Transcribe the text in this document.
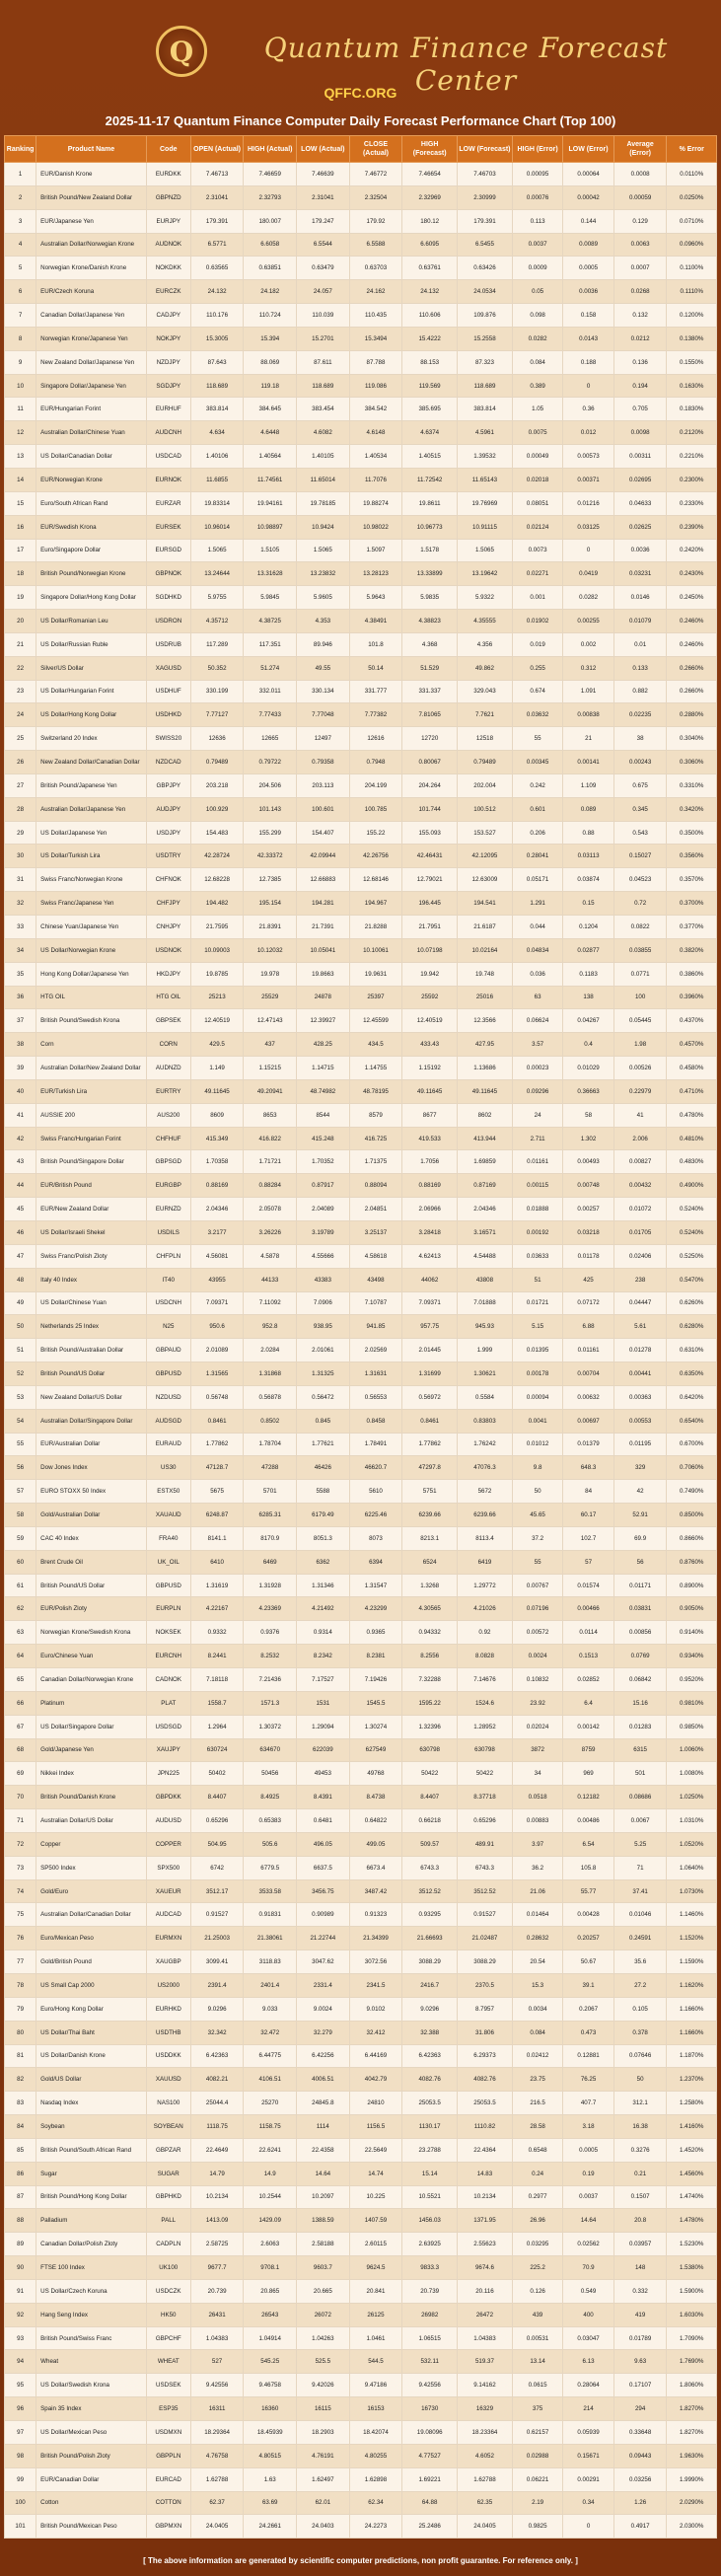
Q	Quantum Finance Forecast Center
QFFC.ORG
2025-11-17 Quantum Finance Computer Daily Forecast Performance Chart (Top 100)
Ranking	Product Name	Code	OPEN (Actual)	HIGH (Actual)	LOW (Actual)	CLOSE (Actual)	HIGH (Forecast)	LOW (Forecast)	HIGH (Error)	LOW (Error)	Average (Error)	% Error
1	EUR/Danish Krone	EURDKK	7.46713	7.46659	7.46639	7.46772	7.46654	7.46703	0.00095	0.00064	0.0008	0.0110%
2	British Pound/New Zealand Dollar	GBPNZD	2.31041	2.32793	2.31041	2.32504	2.32969	2.30999	0.00076	0.00042	0.00059	0.0250%
3	EUR/Japanese Yen	EURJPY	179.391	180.007	179.247	179.92	180.12	179.391	0.113	0.144	0.129	0.0710%
4	Australian Dollar/Norwegian Krone	AUDNOK	6.5771	6.6058	6.5544	6.5588	6.6095	6.5455	0.0037	0.0089	0.0063	0.0960%
5	Norwegian Krone/Danish Krone	NOKDKK	0.63565	0.63851	0.63479	0.63703	0.63761	0.63426	0.0009	0.0005	0.0007	0.1100%
6	EUR/Czech Koruna	EURCZK	24.132	24.182	24.057	24.162	24.132	24.0534	0.05	0.0036	0.0268	0.1110%
7	Canadian Dollar/Japanese Yen	CADJPY	110.176	110.724	110.039	110.435	110.606	109.876	0.098	0.158	0.132	0.1200%
8	Norwegian Krone/Japanese Yen	NOKJPY	15.3005	15.394	15.2701	15.3494	15.4222	15.2558	0.0282	0.0143	0.0212	0.1380%
9	New Zealand Dollar/Japanese Yen	NZDJPY	87.643	88.069	87.611	87.788	88.153	87.323	0.084	0.188	0.136	0.1550%
10	Singapore Dollar/Japanese Yen	SGDJPY	118.689	119.18	118.689	119.086	119.569	118.689	0.389	0	0.194	0.1630%
11	EUR/Hungarian Forint	EURHUF	383.814	384.645	383.454	384.542	385.695	383.814	1.05	0.36	0.705	0.1830%
12	Australian Dollar/Chinese Yuan	AUDCNH	4.634	4.6448	4.6082	4.6148	4.6374	4.5961	0.0075	0.012	0.0098	0.2120%
13	US Dollar/Canadian Dollar	USDCAD	1.40106	1.40564	1.40105	1.40534	1.40515	1.39532	0.00049	0.00573	0.00311	0.2210%
14	EUR/Norwegian Krone	EURNOK	11.6855	11.74561	11.65014	11.7076	11.72542	11.65143	0.02018	0.00371	0.02695	0.2300%
15	Euro/South African Rand	EURZAR	19.83314	19.94161	19.78185	19.88274	19.8611	19.76969	0.08051	0.01216	0.04633	0.2330%
16	EUR/Swedish Krona	EURSEK	10.96014	10.98897	10.9424	10.98022	10.96773	10.91115	0.02124	0.03125	0.02625	0.2390%
17	Euro/Singapore Dollar	EURSGD	1.5065	1.5105	1.5065	1.5097	1.5178	1.5065	0.0073	0	0.0036	0.2420%
18	British Pound/Norwegian Krone	GBPNOK	13.24644	13.31628	13.23832	13.28123	13.33899	13.19642	0.02271	0.0419	0.03231	0.2430%
19	Singapore Dollar/Hong Kong Dollar	SGDHKD	5.9755	5.9845	5.9605	5.9643	5.9835	5.9322	0.001	0.0282	0.0146	0.2450%
20	US Dollar/Romanian Leu	USDRON	4.35712	4.38725	4.353	4.38491	4.38823	4.35555	0.01902	0.00255	0.01079	0.2460%
21	US Dollar/Russian Ruble	USDRUB	117.289	117.351	89.946	101.8	4.368	4.356	0.019	0.002	0.01	0.2460%
22	Silver/US Dollar	XAGUSD	50.352	51.274	49.55	50.14	51.529	49.862	0.255	0.312	0.133	0.2660%
23	US Dollar/Hungarian Forint	USDHUF	330.199	332.011	330.134	331.777	331.337	329.043	0.674	1.091	0.882	0.2660%
24	US Dollar/Hong Kong Dollar	USDHKD	7.77127	7.77433	7.77048	7.77382	7.81065	7.7621	0.03632	0.00838	0.02235	0.2880%
25	Switzerland 20 Index	SWISS20	12636	12665	12497	12616	12720	12518	55	21	38	0.3040%
26	New Zealand Dollar/Canadian Dollar	NZDCAD	0.79489	0.79722	0.79358	0.7948	0.80067	0.79489	0.00345	0.00141	0.00243	0.3060%
27	British Pound/Japanese Yen	GBPJPY	203.218	204.506	203.113	204.199	204.264	202.004	0.242	1.109	0.675	0.3310%
28	Australian Dollar/Japanese Yen	AUDJPY	100.929	101.143	100.601	100.785	101.744	100.512	0.601	0.089	0.345	0.3420%
29	US Dollar/Japanese Yen	USDJPY	154.483	155.299	154.407	155.22	155.093	153.527	0.206	0.88	0.543	0.3500%
30	US Dollar/Turkish Lira	USDTRY	42.28724	42.33372	42.09944	42.26756	42.46431	42.12095	0.28041	0.03113	0.15027	0.3560%
31	Swiss Franc/Norwegian Krone	CHFNOK	12.68228	12.7385	12.66883	12.68146	12.79021	12.63009	0.05171	0.03874	0.04523	0.3570%
32	Swiss Franc/Japanese Yen	CHFJPY	194.482	195.154	194.281	194.967	196.445	194.541	1.291	0.15	0.72	0.3700%
33	Chinese Yuan/Japanese Yen	CNHJPY	21.7595	21.8391	21.7391	21.8288	21.7951	21.6187	0.044	0.1204	0.0822	0.3770%
34	US Dollar/Norwegian Krone	USDNOK	10.09003	10.12032	10.05041	10.10061	10.07198	10.02164	0.04834	0.02877	0.03855	0.3820%
35	Hong Kong Dollar/Japanese Yen	HKDJPY	19.8785	19.978	19.8663	19.9631	19.942	19.748	0.036	0.1183	0.0771	0.3860%
36	HTG OIL	HTG OIL	25213	25529	24878	25397	25592	25016	63	138	100	0.3960%
37	British Pound/Swedish Krona	GBPSEK	12.40519	12.47143	12.39927	12.45599	12.40519	12.3566	0.06624	0.04267	0.05445	0.4370%
38	Corn	CORN	429.5	437	428.25	434.5	433.43	427.95	3.57	0.4	1.98	0.4570%
39	Australian Dollar/New Zealand Dollar	AUDNZD	1.149	1.15215	1.14715	1.14755	1.15192	1.13686	0.00023	0.01029	0.00526	0.4580%
40	EUR/Turkish Lira	EURTRY	49.11645	49.20941	48.74982	48.78195	49.11645	49.11645	0.09296	0.36663	0.22979	0.4710%
41	AUSSIE 200	AUS200	8609	8653	8544	8579	8677	8602	24	58	41	0.4780%
42	Swiss Franc/Hungarian Forint	CHFHUF	415.349	416.822	415.248	416.725	419.533	413.944	2.711	1.302	2.006	0.4810%
43	British Pound/Singapore Dollar	GBPSGD	1.70358	1.71721	1.70352	1.71375	1.7056	1.69859	0.01161	0.00493	0.00827	0.4830%
44	EUR/British Pound	EURGBP	0.88169	0.88284	0.87917	0.88094	0.88169	0.87169	0.00115	0.00748	0.00432	0.4900%
45	EUR/New Zealand Dollar	EURNZD	2.04346	2.05078	2.04089	2.04851	2.06966	2.04346	0.01888	0.00257	0.01072	0.5240%
46	US Dollar/Israeli Shekel	USDILS	3.2177	3.26226	3.19789	3.25137	3.28418	3.16571	0.00192	0.03218	0.01705	0.5240%
47	Swiss Franc/Polish Zloty	CHFPLN	4.56081	4.5878	4.55666	4.58618	4.62413	4.54488	0.03633	0.01178	0.02406	0.5250%
48	Italy 40 Index	IT40	43955	44133	43383	43498	44062	43808	51	425	238	0.5470%
49	US Dollar/Chinese Yuan	USDCNH	7.09371	7.11092	7.0906	7.10787	7.09371	7.01888	0.01721	0.07172	0.04447	0.6260%
50	Netherlands 25 Index	N25	950.6	952.8	938.95	941.85	957.75	945.93	5.15	6.88	5.61	0.6280%
51	British Pound/Australian Dollar	GBPAUD	2.01089	2.0284	2.01061	2.02569	2.01445	1.999	0.01395	0.01161	0.01278	0.6310%
52	British Pound/US Dollar	GBPUSD	1.31565	1.31868	1.31325	1.31631	1.31699	1.30621	0.00178	0.00704	0.00441	0.6350%
53	New Zealand Dollar/US Dollar	NZDUSD	0.56748	0.56878	0.56472	0.56553	0.56972	0.5584	0.00094	0.00632	0.00363	0.6420%
54	Australian Dollar/Singapore Dollar	AUDSGD	0.8461	0.8502	0.845	0.8458	0.8461	0.83803	0.0041	0.00697	0.00553	0.6540%
55	EUR/Australian Dollar	EURAUD	1.77862	1.78704	1.77621	1.78491	1.77862	1.76242	0.01012	0.01379	0.01195	0.6700%
56	Dow Jones Index	US30	47128.7	47288	46426	46620.7	47297.8	47076.3	9.8	648.3	329	0.7060%
57	EURO STOXX 50 Index	ESTX50	5675	5701	5588	5610	5751	5672	50	84	42	0.7490%
58	Gold/Australian Dollar	XAUAUD	6248.87	6285.31	6179.49	6225.46	6239.66	6239.66	45.65	60.17	52.91	0.8500%
59	CAC 40 Index	FRA40	8141.1	8170.9	8051.3	8073	8213.1	8113.4	37.2	102.7	69.9	0.8660%
60	Brent Crude Oil	UK_OIL	6410	6469	6362	6394	6524	6419	55	57	56	0.8760%
61	British Pound/US Dollar	GBPUSD	1.31619	1.31928	1.31346	1.31547	1.3268	1.29772	0.00767	0.01574	0.01171	0.8900%
62	EUR/Polish Zloty	EURPLN	4.22167	4.23369	4.21492	4.23299	4.30565	4.21026	0.07196	0.00466	0.03831	0.9050%
63	Norwegian Krone/Swedish Krona	NOKSEK	0.9332	0.9376	0.9314	0.9365	0.94332	0.92	0.00572	0.0114	0.00856	0.9140%
64	Euro/Chinese Yuan	EURCNH	8.2441	8.2532	8.2342	8.2381	8.2556	8.0828	0.0024	0.1513	0.0769	0.9340%
65	Canadian Dollar/Norwegian Krone	CADNOK	7.18118	7.21436	7.17527	7.19426	7.32288	7.14676	0.10832	0.02852	0.06842	0.9520%
66	Platinum	PLAT	1558.7	1571.3	1531	1545.5	1595.22	1524.6	23.92	6.4	15.16	0.9810%
67	US Dollar/Singapore Dollar	USDSGD	1.2964	1.30372	1.29094	1.30274	1.32396	1.28952	0.02024	0.00142	0.01283	0.9850%
68	Gold/Japanese Yen	XAUJPY	630724	634670	622039	627549	630798	630798	3872	8759	6315	1.0060%
69	Nikkei Index	JPN225	50402	50456	49453	49768	50422	50422	34	969	501	1.0080%
70	British Pound/Danish Krone	GBPDKK	8.4407	8.4925	8.4391	8.4738	8.4407	8.37718	0.0518	0.12182	0.08686	1.0250%
71	Australian Dollar/US Dollar	AUDUSD	0.65296	0.65383	0.6481	0.64822	0.66218	0.65296	0.00883	0.00486	0.0067	1.0310%
72	Copper	COPPER	504.95	505.6	496.05	499.05	509.57	489.91	3.97	6.54	5.25	1.0520%
73	SP500 Index	SPX500	6742	6779.5	6637.5	6673.4	6743.3	6743.3	36.2	105.8	71	1.0640%
74	Gold/Euro	XAUEUR	3512.17	3533.58	3456.75	3487.42	3512.52	3512.52	21.06	55.77	37.41	1.0730%
75	Australian Dollar/Canadian Dollar	AUDCAD	0.91527	0.91831	0.90989	0.91323	0.93295	0.91527	0.01464	0.00428	0.01046	1.1460%
76	Euro/Mexican Peso	EURMXN	21.25003	21.38061	21.22744	21.34399	21.66693	21.02487	0.28632	0.20257	0.24591	1.1520%
77	Gold/British Pound	XAUGBP	3099.41	3118.83	3047.62	3072.56	3088.29	3088.29	20.54	50.67	35.6	1.1590%
78	US Small Cap 2000	US2000	2391.4	2401.4	2331.4	2341.5	2416.7	2370.5	15.3	39.1	27.2	1.1620%
79	Euro/Hong Kong Dollar	EURHKD	9.0296	9.033	9.0024	9.0102	9.0296	8.7957	0.0034	0.2067	0.105	1.1660%
80	US Dollar/Thai Baht	USDTHB	32.342	32.472	32.279	32.412	32.388	31.806	0.084	0.473	0.378	1.1660%
81	US Dollar/Danish Krone	USDDKK	6.42363	6.44775	6.42256	6.44169	6.42363	6.29373	0.02412	0.12881	0.07646	1.1870%
82	Gold/US Dollar	XAUUSD	4082.21	4106.51	4006.51	4042.79	4082.76	4082.76	23.75	76.25	50	1.2370%
83	Nasdaq Index	NAS100	25044.4	25270	24845.8	24810	25053.5	25053.5	216.5	407.7	312.1	1.2580%
84	Soybean	SOYBEAN	1118.75	1158.75	1114	1156.5	1130.17	1110.82	28.58	3.18	16.38	1.4160%
85	British Pound/South African Rand	GBPZAR	22.4649	22.6241	22.4358	22.5649	23.2788	22.4364	0.6548	0.0005	0.3276	1.4520%
86	Sugar	SUGAR	14.79	14.9	14.64	14.74	15.14	14.83	0.24	0.19	0.21	1.4560%
87	British Pound/Hong Kong Dollar	GBPHKD	10.2134	10.2544	10.2097	10.225	10.5521	10.2134	0.2977	0.0037	0.1507	1.4740%
88	Palladium	PALL	1413.09	1429.09	1388.59	1407.59	1456.03	1371.95	26.96	14.64	20.8	1.4780%
89	Canadian Dollar/Polish Zloty	CADPLN	2.58725	2.6063	2.58188	2.60115	2.63925	2.55623	0.03295	0.02562	0.03957	1.5230%
90	FTSE 100 Index	UK100	9677.7	9708.1	9603.7	9624.5	9833.3	9674.6	225.2	70.9	148	1.5380%
91	US Dollar/Czech Koruna	USDCZK	20.739	20.865	20.665	20.841	20.739	20.116	0.126	0.549	0.332	1.5900%
92	Hang Seng Index	HK50	26431	26543	26072	26125	26982	26472	439	400	419	1.6030%
93	British Pound/Swiss Franc	GBPCHF	1.04383	1.04914	1.04263	1.0461	1.06515	1.04383	0.00531	0.03047	0.01789	1.7090%
94	Wheat	WHEAT	527	545.25	525.5	544.5	532.11	519.37	13.14	6.13	9.63	1.7690%
95	US Dollar/Swedish Krona	USDSEK	9.42556	9.46758	9.42026	9.47186	9.42556	9.14162	0.0615	0.28064	0.17107	1.8060%
96	Spain 35 Index	ESP35	16311	16360	16115	16153	16730	16329	375	214	294	1.8270%
97	US Dollar/Mexican Peso	USDMXN	18.29364	18.45939	18.2903	18.42074	19.08096	18.23364	0.62157	0.05939	0.33648	1.8270%
98	British Pound/Polish Zloty	GBPPLN	4.76758	4.80515	4.76191	4.80255	4.77527	4.6052	0.02988	0.15671	0.09443	1.9630%
99	EUR/Canadian Dollar	EURCAD	1.62788	1.63	1.62497	1.62898	1.69221	1.62788	0.06221	0.00291	0.03256	1.9990%
100	Cotton	COTTON	62.37	63.69	62.01	62.34	64.88	62.35	2.19	0.34	1.26	2.0290%
101	British Pound/Mexican Peso	GBPMXN	24.0405	24.2661	24.0403	24.2273	25.2486	24.0405	0.9825	0	0.4917	2.0300%
[ The above information are generated by scientific computer predictions, non profit guarantee. For reference only. ]
